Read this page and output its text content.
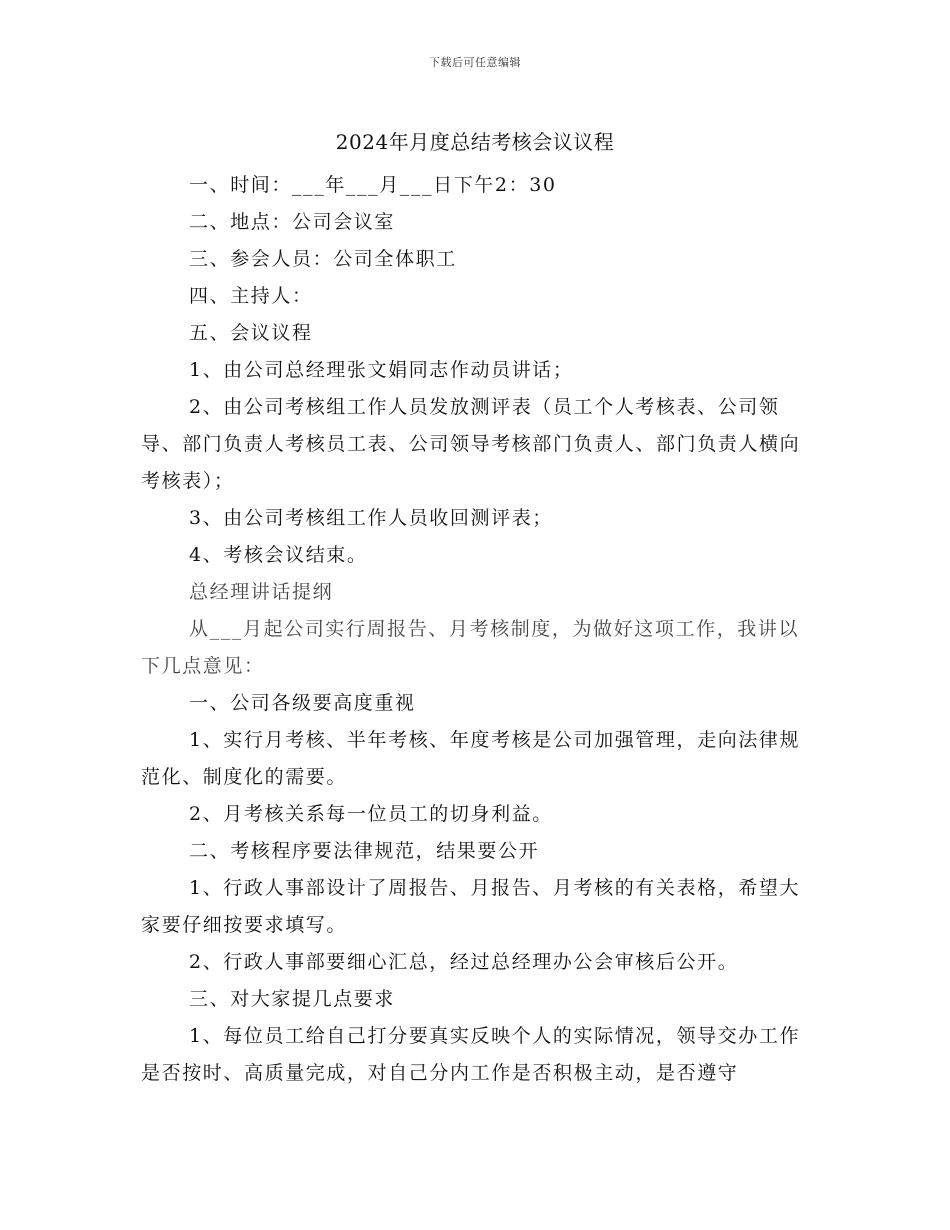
下载后可任意编辑
2024年月度总结考核会议议程

一、时间：___年___月___日下午2：30

二、地点：公司会议室

三、参会人员：公司全体职工

四、主持人：

五、会议议程

1、由公司总经理张文娟同志作动员讲话；

2、由公司考核组工作人员发放测评表（员工个人考核表、公司领导、部门负责人考核员工表、公司领导考核部门负责人、部门负责人横向考核表）；

3、由公司考核组工作人员收回测评表；

4、考核会议结束。

总经理讲话提纲

从___月起公司实行周报告、月考核制度，为做好这项工作，我讲以下几点意见：

一、公司各级要高度重视

1、实行月考核、半年考核、年度考核是公司加强管理，走向法律规范化、制度化的需要。

2、月考核关系每一位员工的切身利益。

二、考核程序要法律规范，结果要公开

1、行政人事部设计了周报告、月报告、月考核的有关表格，希望大家要仔细按要求填写。

2、行政人事部要细心汇总，经过总经理办公会审核后公开。

三、对大家提几点要求

1、每位员工给自己打分要真实反映个人的实际情况，领导交办工作是否按时、高质量完成，对自己分内工作是否积极主动，是否遵守
